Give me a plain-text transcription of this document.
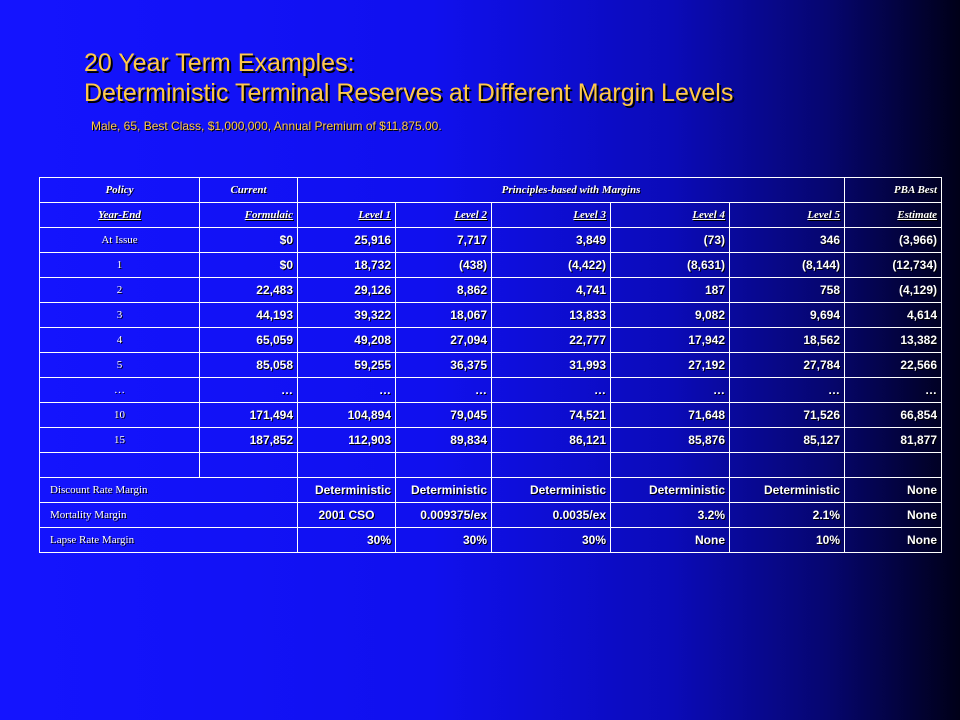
20 Year Term Examples:
Deterministic Terminal Reserves at Different Margin Levels
Male, 65, Best Class, $1,000,000, Annual Premium of $11,875.00.
Policy	Current	Principles-based with Margins					PBA Best
Year-End	Formulaic	Level 1	Level 2	Level 3	Level 4	Level 5	Estimate
At Issue	$0	25,916	7,717	3,849	(73)	346	(3,966)
1	$0	18,732	(438)	(4,422)	(8,631)	(8,144)	(12,734)
2	22,483	29,126	8,862	4,741	187	758	(4,129)
3	44,193	39,322	18,067	13,833	9,082	9,694	4,614
4	65,059	49,208	27,094	22,777	17,942	18,562	13,382
5	85,058	59,255	36,375	31,993	27,192	27,784	22,566
…	…	…	…	…	…	…	…
10	171,494	104,894	79,045	74,521	71,648	71,526	66,854
15	187,852	112,903	89,834	86,121	85,876	85,127	81,877

Discount Rate Margin		Deterministic	Deterministic	Deterministic	Deterministic	Deterministic	None
Mortality Margin		2001 CSO	0.009375/ex	0.0035/ex	3.2%	2.1%	None
Lapse Rate Margin		30%	30%	30%	None	10%	None
